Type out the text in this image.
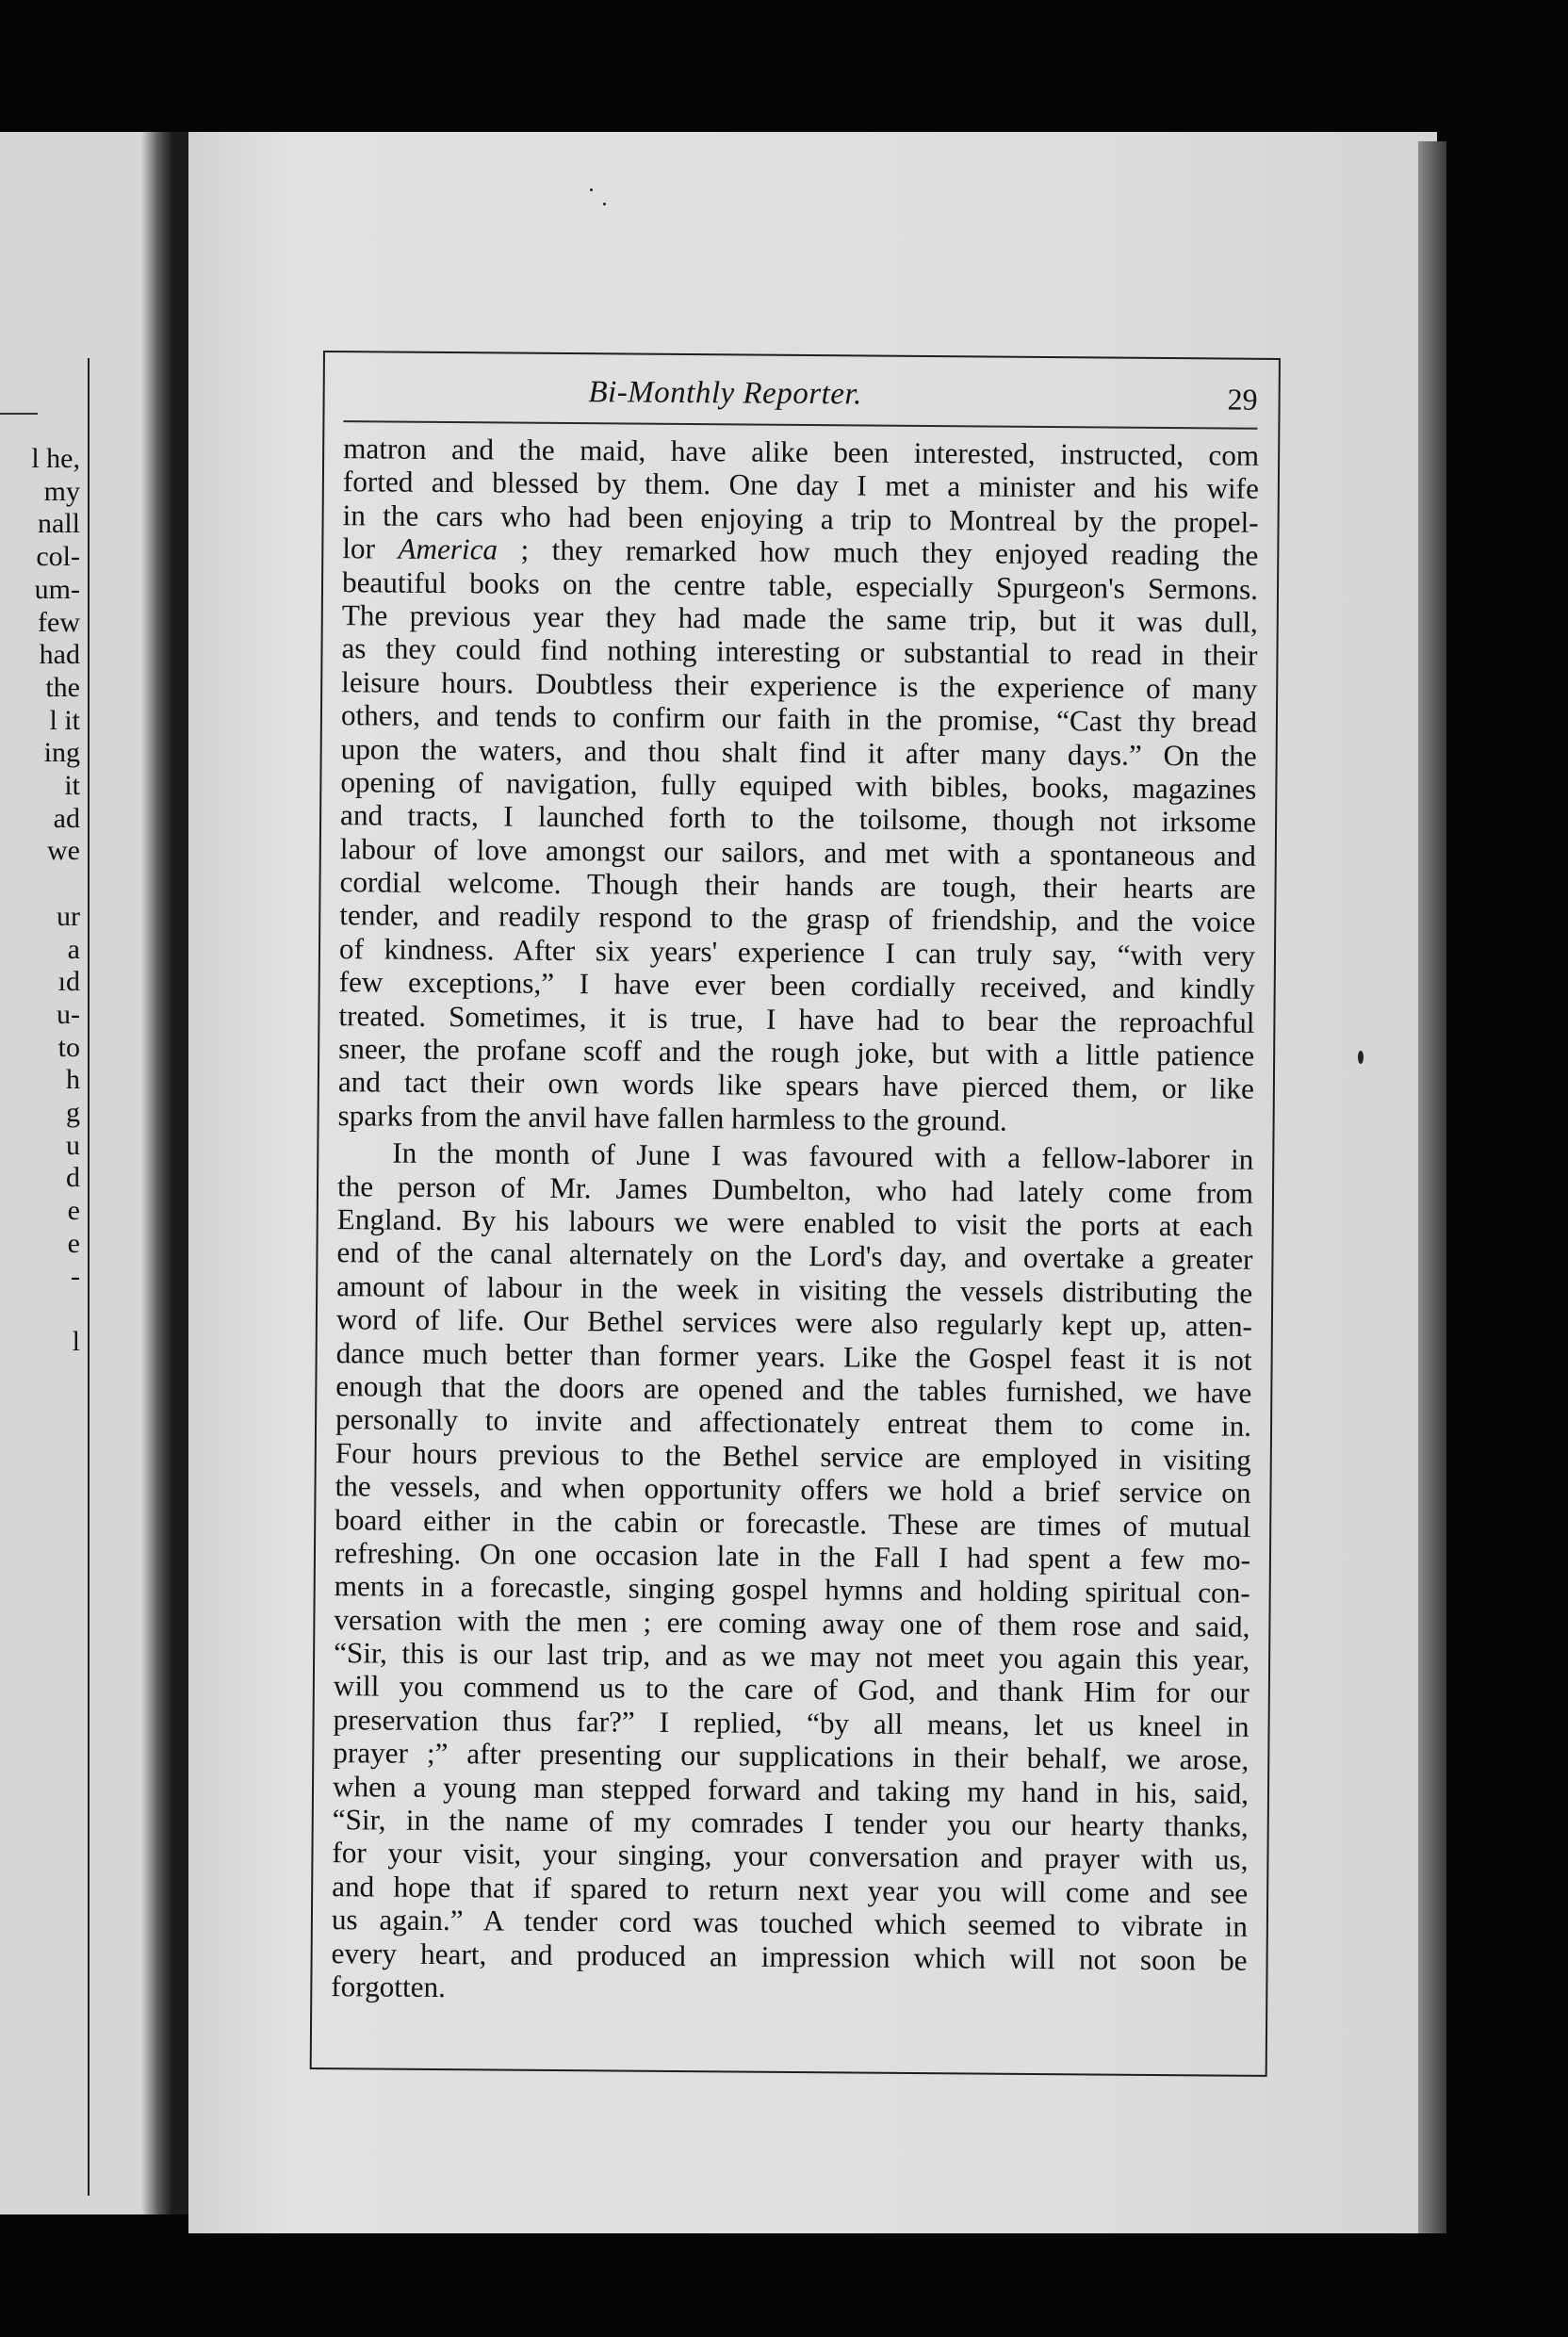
l he,
my
nall
col-
um-
few
had
the
l it
ing
it
ad
we

ur
a
ıd
u-
to
h
g
u
d
e
e
-

l
Bi-Monthly Reporter.	29
matron and the maid, have alike been interested, instructed, com
forted and blessed by them. One day I met a minister and his wife
in the cars who had been enjoying a trip to Montreal by the propel-
lor America ; they remarked how much they enjoyed reading the
beautiful books on the centre table, especially Spurgeon's Sermons.
The previous year they had made the same trip, but it was dull,
as they could find nothing interesting or substantial to read in their
leisure hours. Doubtless their experience is the experience of many
others, and tends to confirm our faith in the promise, “Cast thy bread
upon the waters, and thou shalt find it after many days.” On the
opening of navigation, fully equiped with bibles, books, magazines
and tracts, I launched forth to the toilsome, though not irksome
labour of love amongst our sailors, and met with a spontaneous and
cordial welcome. Though their hands are tough, their hearts are
tender, and readily respond to the grasp of friendship, and the voice
of kindness. After six years' experience I can truly say, “with very
few exceptions,” I have ever been cordially received, and kindly
treated. Sometimes, it is true, I have had to bear the reproachful
sneer, the profane scoff and the rough joke, but with a little patience
and tact their own words like spears have pierced them, or like
sparks from the anvil have fallen harmless to the ground.
In the month of June I was favoured with a fellow-laborer in
the person of Mr. James Dumbelton, who had lately come from
England. By his labours we were enabled to visit the ports at each
end of the canal alternately on the Lord's day, and overtake a greater
amount of labour in the week in visiting the vessels distributing the
word of life. Our Bethel services were also regularly kept up, atten-
dance much better than former years. Like the Gospel feast it is not
enough that the doors are opened and the tables furnished, we have
personally to invite and affectionately entreat them to come in.
Four hours previous to the Bethel service are employed in visiting
the vessels, and when opportunity offers we hold a brief service on
board either in the cabin or forecastle. These are times of mutual
refreshing. On one occasion late in the Fall I had spent a few mo-
ments in a forecastle, singing gospel hymns and holding spiritual con-
versation with the men ; ere coming away one of them rose and said,
“Sir, this is our last trip, and as we may not meet you again this year,
will you commend us to the care of God, and thank Him for our
preservation thus far?” I replied, “by all means, let us kneel in
prayer ;” after presenting our supplications in their behalf, we arose,
when a young man stepped forward and taking my hand in his, said,
“Sir, in the name of my comrades I tender you our hearty thanks,
for your visit, your singing, your conversation and prayer with us,
and hope that if spared to return next year you will come and see
us again.” A tender cord was touched which seemed to vibrate in
every heart, and produced an impression which will not soon be
forgotten.
